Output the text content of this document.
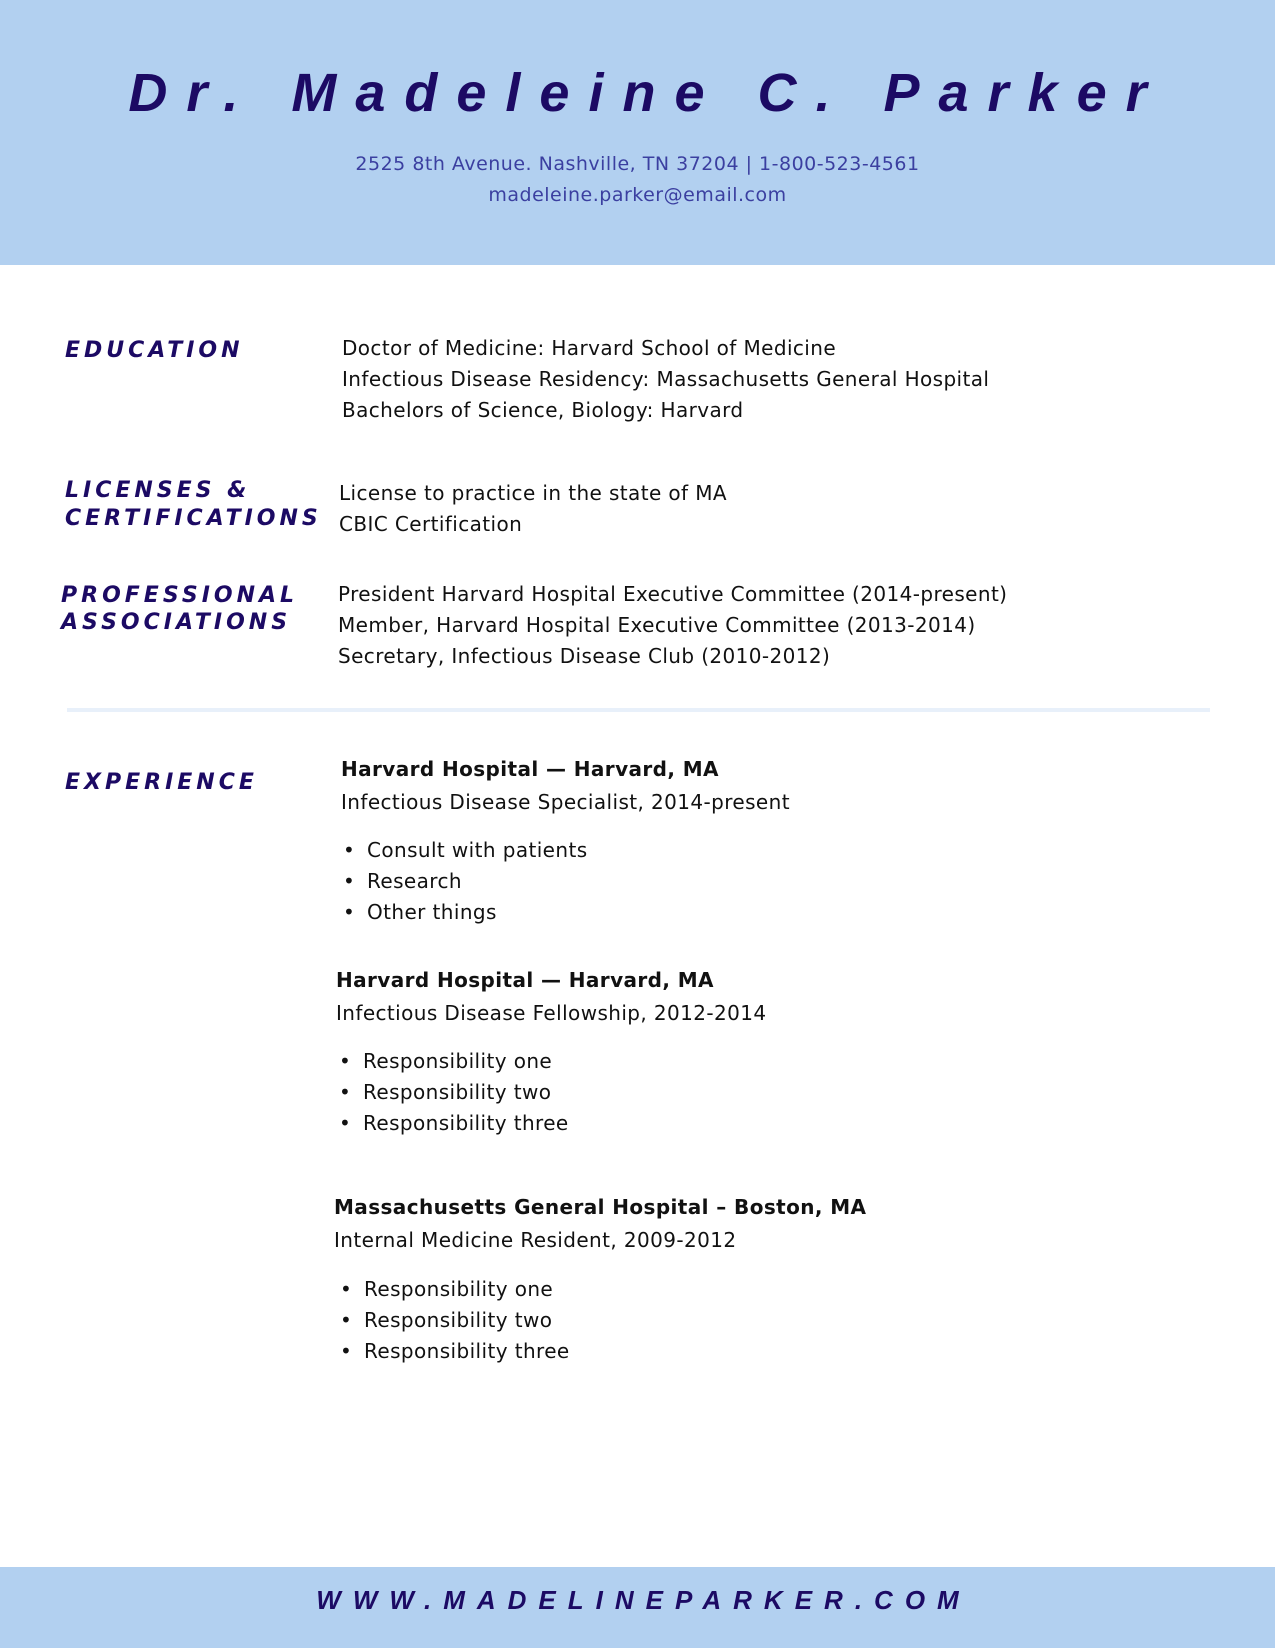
Dr. Madeleine C. Parker
2525 8th Avenue. Nashville, TN 37204 | 1-800-523-4561
madeleine.parker@email.com
EDUCATION	Doctor of Medicine: Harvard School of Medicine
Infectious Disease Residency: Massachusetts General Hospital
Bachelors of Science, Biology: Harvard
LICENSES &
CERTIFICATIONS
License to practice in the state of MA
CBIC Certification
PROFESSIONAL
ASSOCIATIONS
President Harvard Hospital Executive Committee (2014-present)
Member, Harvard Hospital Executive Committee (2013-2014)
Secretary, Infectious Disease Club (2010-2012)
EXPERIENCE
Harvard Hospital — Harvard, MA
Infectious Disease Specialist, 2014-present
• Consult with patients
• Research
• Other things
Harvard Hospital — Harvard, MA
Infectious Disease Fellowship, 2012-2014
• Responsibility one
• Responsibility two
• Responsibility three
Massachusetts General Hospital – Boston, MA
Internal Medicine Resident, 2009-2012
• Responsibility one
• Responsibility two
• Responsibility three
WWW.MADELINEPARKER.COM
